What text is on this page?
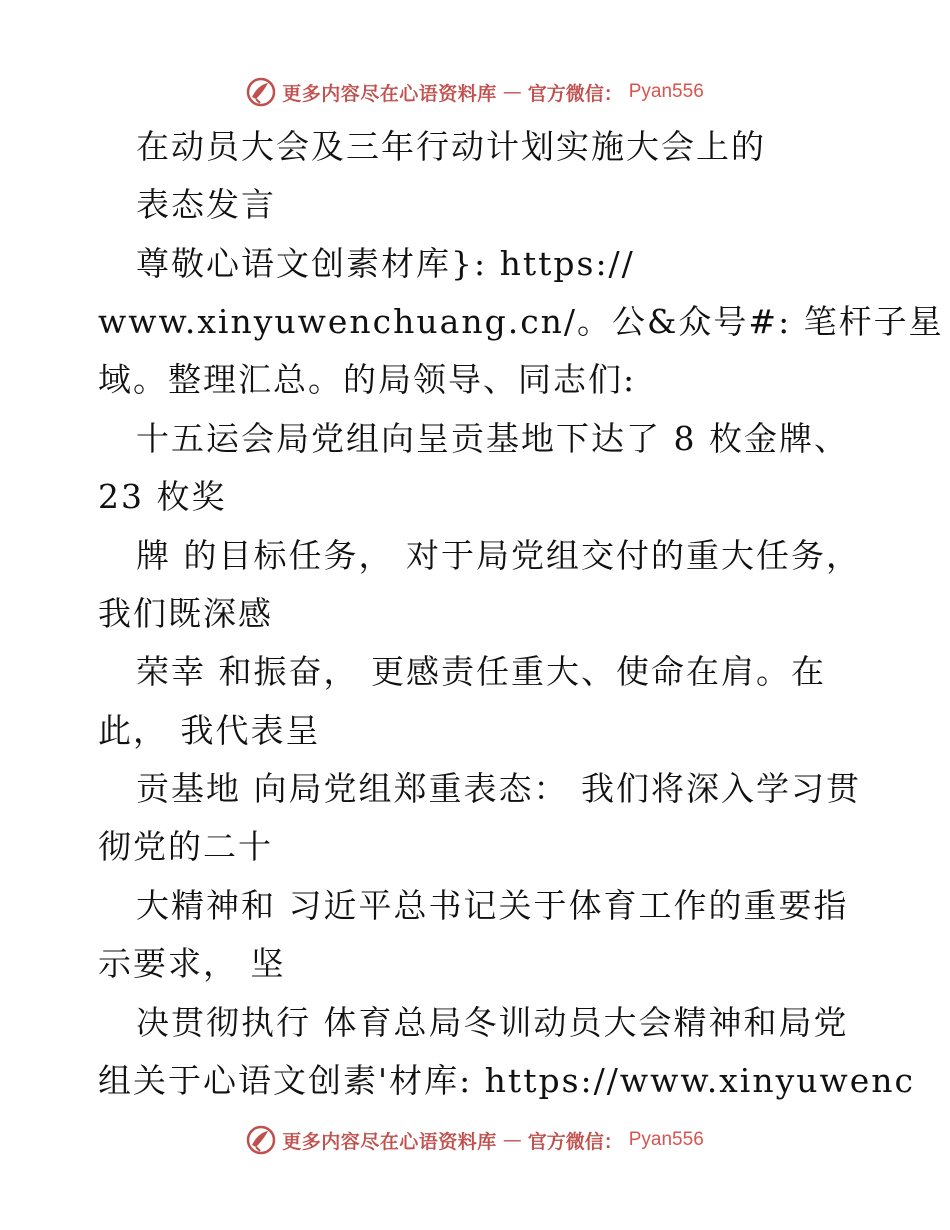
更多内容尽在心语资料库 — 官方微信： Pyan556
在动员大会及三年行动计划实施大会上的
表态发言
尊敬心语文创素材库}: https://
www.xinyuwenchuang.cn/。公&众号#: 笔杆子星
域。整理汇总。的局领导、同志们:
十五运会局党组向呈贡基地下达了 8 枚金牌、
23 枚奖
牌 的目标任务， 对于局党组交付的重大任务，
我们既深感
荣幸 和振奋， 更感责任重大、使命在肩。在
此， 我代表呈
贡基地 向局党组郑重表态： 我们将深入学习贯
彻党的二十
大精神和 习近平总书记关于体育工作的重要指
示要求， 坚
决贯彻执行 体育总局冬训动员大会精神和局党
组关于心语文创素'材库: https://www.xinyuwenc
更多内容尽在心语资料库 — 官方微信： Pyan556
